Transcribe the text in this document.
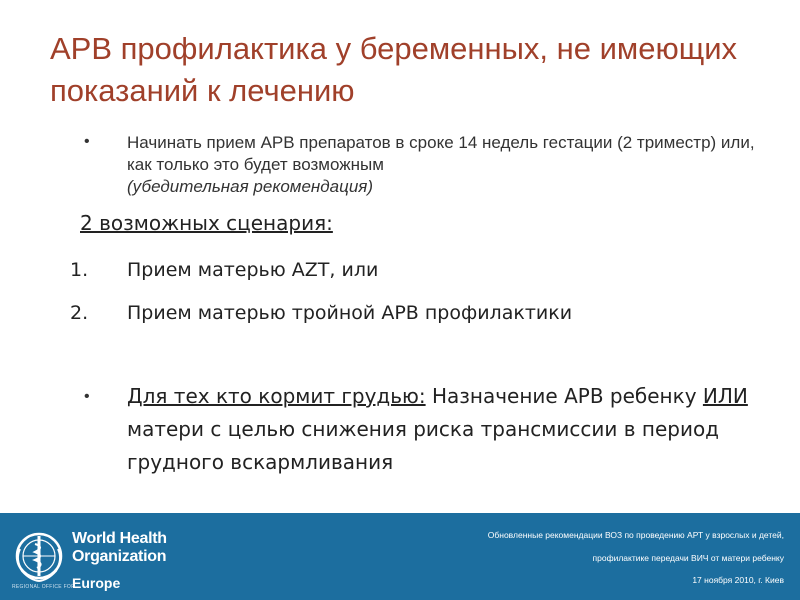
АРВ профилактика у беременных, не имеющих показаний к лечению
• Начинать прием АРВ препаратов в сроке 14 недель гестации (2 триместр) или, как только это будет возможным
(убедительная рекомендация)
2 возможных сценария:
1. Прием матерью AZT, или
2. Прием матерью тройной АРВ профилактики
• Для тех кто кормит грудью: Назначение АРВ ребенку ИЛИ матери с целью снижения риска трансмиссии в период грудного вскармливания
World Health
Organization
REGIONAL OFFICE FOR
Europe
Обновленные рекомендации ВОЗ по проведению АРТ у взрослых и детей,
профилактике передачи ВИЧ от матери ребенку
17 ноября 2010, г. Киев
